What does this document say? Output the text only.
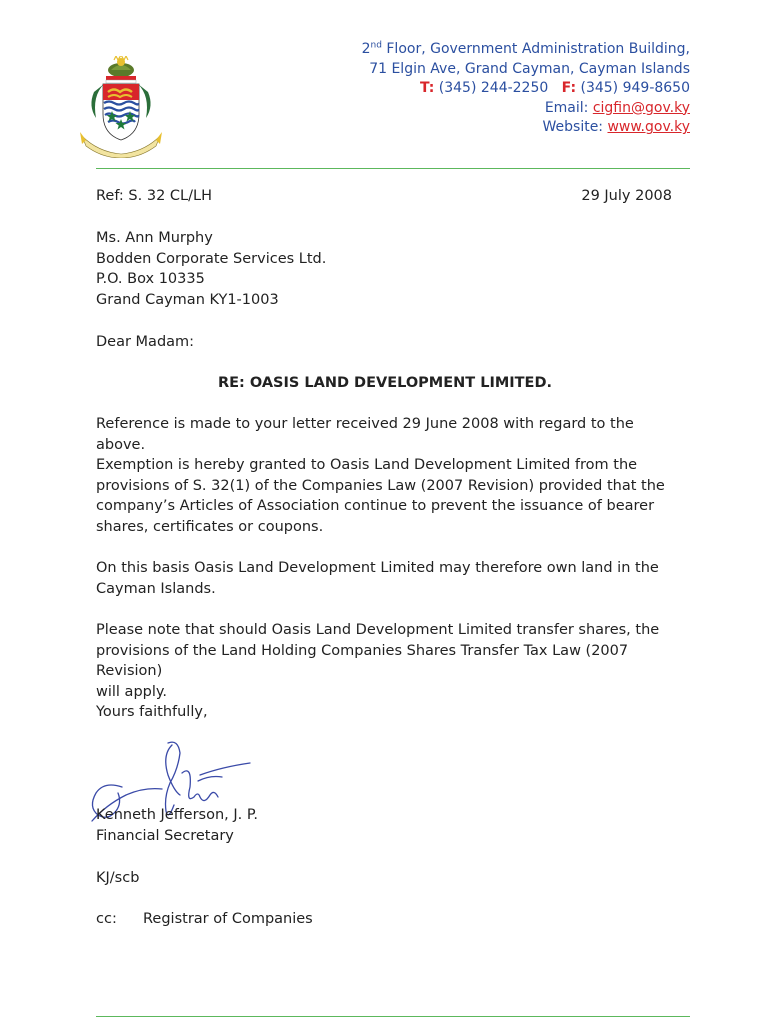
2nd Floor, Government Administration Building,
71 Elgin Ave, Grand Cayman, Cayman Islands
T: (345) 244-2250 F: (345) 949-8650
Email: cigfin@gov.ky
Website: www.gov.ky
Ref: S. 32 CL/LH	29 July 2008
Ms. Ann Murphy
Bodden Corporate Services Ltd.
P.O. Box 10335
Grand Cayman KY1-1003
Dear Madam:
RE: OASIS LAND DEVELOPMENT LIMITED.
Reference is made to your letter received 29 June 2008 with regard to the above.
Exemption is hereby granted to Oasis Land Development Limited from the
provisions of S. 32(1) of the Companies Law (2007 Revision) provided that the
company’s Articles of Association continue to prevent the issuance of bearer
shares, certificates or coupons.
On this basis Oasis Land Development Limited may therefore own land in the
Cayman Islands.
Please note that should Oasis Land Development Limited transfer shares, the
provisions of the Land Holding Companies Shares Transfer Tax Law (2007 Revision)
will apply.
Yours faithfully,
Kenneth Jefferson, J. P.
Financial Secretary
KJ/scb
cc: Registrar of Companies
